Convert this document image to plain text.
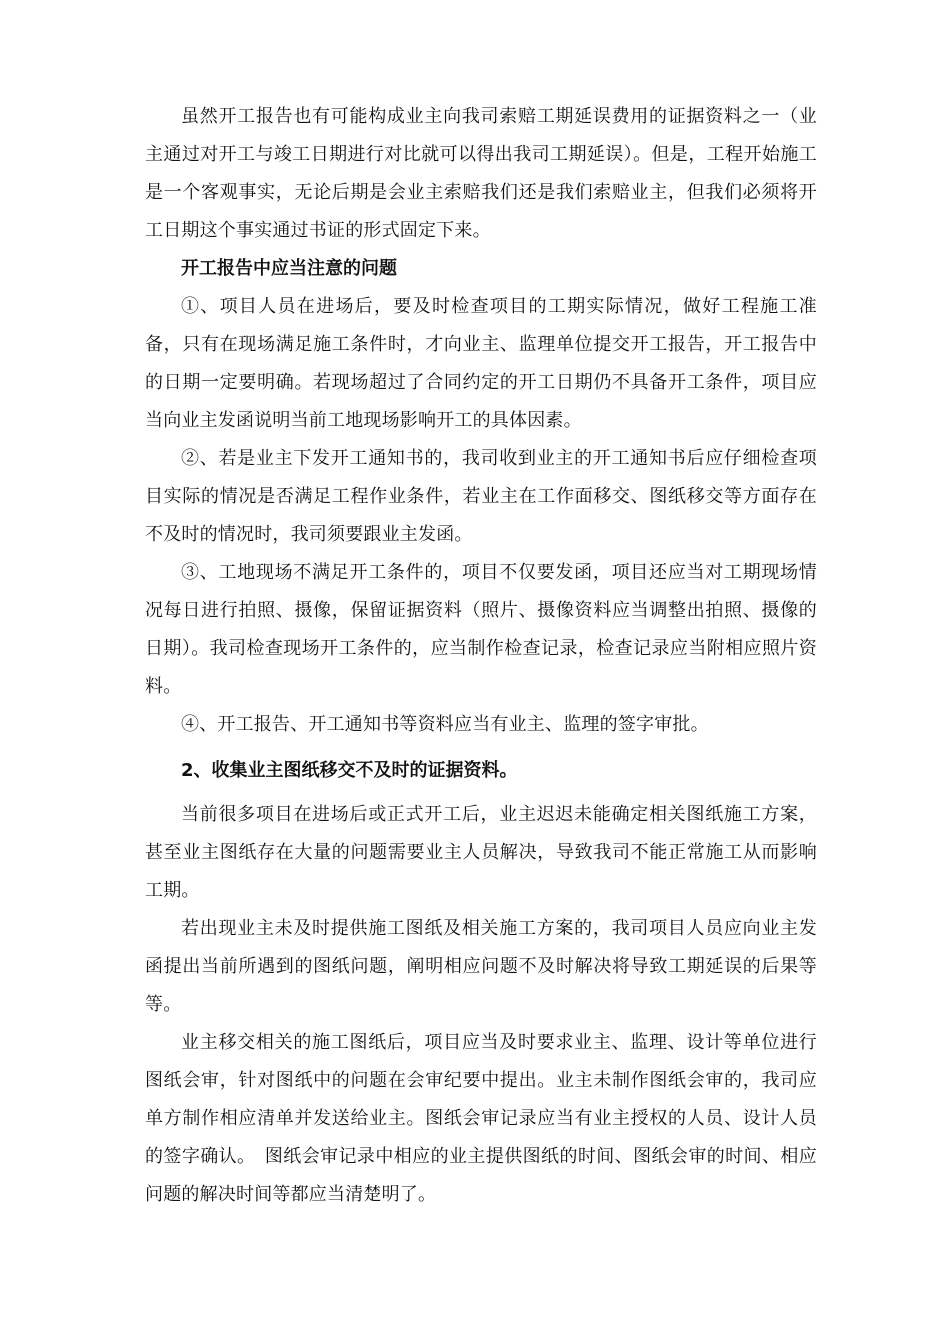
虽然开工报告也有可能构成业主向我司索赔工期延误费用的证据资料之一（业主通过对开工与竣工日期进行对比就可以得出我司工期延误）。但是，工程开始施工是一个客观事实，无论后期是会业主索赔我们还是我们索赔业主，但我们必须将开工日期这个事实通过书证的形式固定下来。

开工报告中应当注意的问题

①、项目人员在进场后，要及时检查项目的工期实际情况，做好工程施工准备，只有在现场满足施工条件时，才向业主、监理单位提交开工报告，开工报告中的日期一定要明确。若现场超过了合同约定的开工日期仍不具备开工条件，项目应当向业主发函说明当前工地现场影响开工的具体因素。

②、若是业主下发开工通知书的，我司收到业主的开工通知书后应仔细检查项目实际的情况是否满足工程作业条件，若业主在工作面移交、图纸移交等方面存在不及时的情况时，我司须要跟业主发函。

③、工地现场不满足开工条件的，项目不仅要发函，项目还应当对工期现场情况每日进行拍照、摄像，保留证据资料（照片、摄像资料应当调整出拍照、摄像的日期）。我司检查现场开工条件的，应当制作检查记录，检查记录应当附相应照片资料。

④、开工报告、开工通知书等资料应当有业主、监理的签字审批。

2、收集业主图纸移交不及时的证据资料。

当前很多项目在进场后或正式开工后，业主迟迟未能确定相关图纸施工方案，甚至业主图纸存在大量的问题需要业主人员解决，导致我司不能正常施工从而影响工期。

若出现业主未及时提供施工图纸及相关施工方案的，我司项目人员应向业主发函提出当前所遇到的图纸问题，阐明相应问题不及时解决将导致工期延误的后果等等。

业主移交相关的施工图纸后，项目应当及时要求业主、监理、设计等单位进行图纸会审，针对图纸中的问题在会审纪要中提出。业主未制作图纸会审的，我司应单方制作相应清单并发送给业主。图纸会审记录应当有业主授权的人员、设计人员的签字确认。　图纸会审记录中相应的业主提供图纸的时间、图纸会审的时间、相应问题的解决时间等都应当清楚明了。
